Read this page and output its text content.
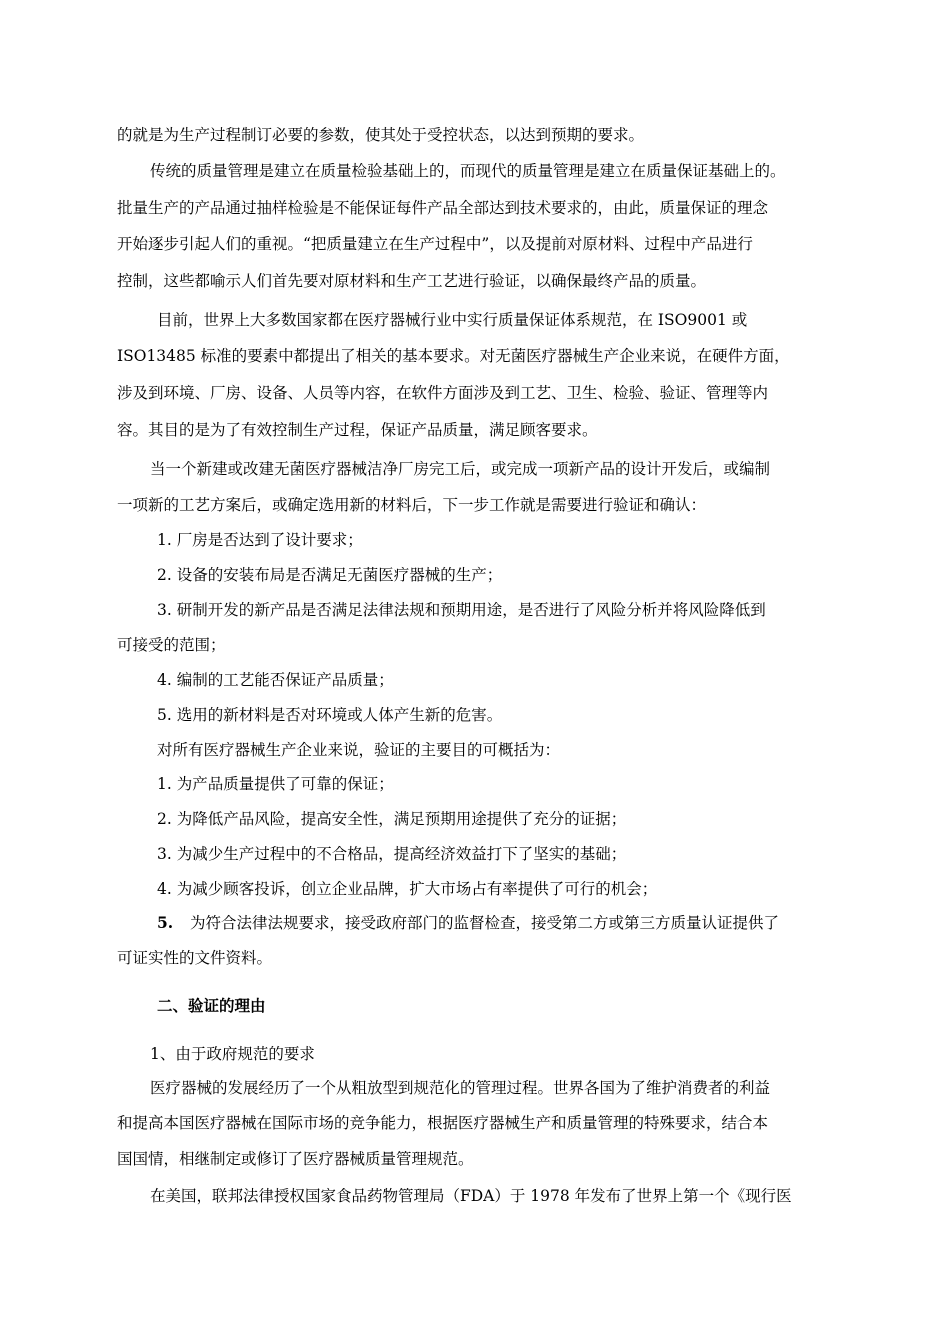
的就是为生产过程制订必要的参数，使其处于受控状态，以达到预期的要求。
传统的质量管理是建立在质量检验基础上的，而现代的质量管理是建立在质量保证基础上的。
批量生产的产品通过抽样检验是不能保证每件产品全部达到技术要求的，由此，质量保证的理念
开始逐步引起人们的重视。“把质量建立在生产过程中”，以及提前对原材料、过程中产品进行
控制，这些都喻示人们首先要对原材料和生产工艺进行验证，以确保最终产品的质量。
目前，世界上大多数国家都在医疗器械行业中实行质量保证体系规范，在 ISO9001 或
ISO13485 标准的要素中都提出了相关的基本要求。对无菌医疗器械生产企业来说，在硬件方面，
涉及到环境、厂房、设备、人员等内容，在软件方面涉及到工艺、卫生、检验、验证、管理等内
容。其目的是为了有效控制生产过程，保证产品质量，满足顾客要求。
当一个新建或改建无菌医疗器械洁净厂房完工后，或完成一项新产品的设计开发后，或编制
一项新的工艺方案后，或确定选用新的材料后，下一步工作就是需要进行验证和确认：
1. 厂房是否达到了设计要求；
2. 设备的安装布局是否满足无菌医疗器械的生产；
3. 研制开发的新产品是否满足法律法规和预期用途，是否进行了风险分析并将风险降低到
可接受的范围；
4. 编制的工艺能否保证产品质量；
5. 选用的新材料是否对环境或人体产生新的危害。
对所有医疗器械生产企业来说，验证的主要目的可概括为：
1. 为产品质量提供了可靠的保证；
2. 为降低产品风险，提高安全性，满足预期用途提供了充分的证据；
3. 为减少生产过程中的不合格品，提高经济效益打下了坚实的基础；
4. 为减少顾客投诉，创立企业品牌，扩大市场占有率提供了可行的机会；
5.	为符合法律法规要求，接受政府部门的监督检查，接受第二方或第三方质量认证提供了
可证实性的文件资料。
二、验证的理由
1、由于政府规范的要求
医疗器械的发展经历了一个从粗放型到规范化的管理过程。世界各国为了维护消费者的利益
和提高本国医疗器械在国际市场的竞争能力，根据医疗器械生产和质量管理的特殊要求，结合本
国国情，相继制定或修订了医疗器械质量管理规范。
在美国，联邦法律授权国家食品药物管理局（FDA）于 1978 年发布了世界上第一个《现行医
